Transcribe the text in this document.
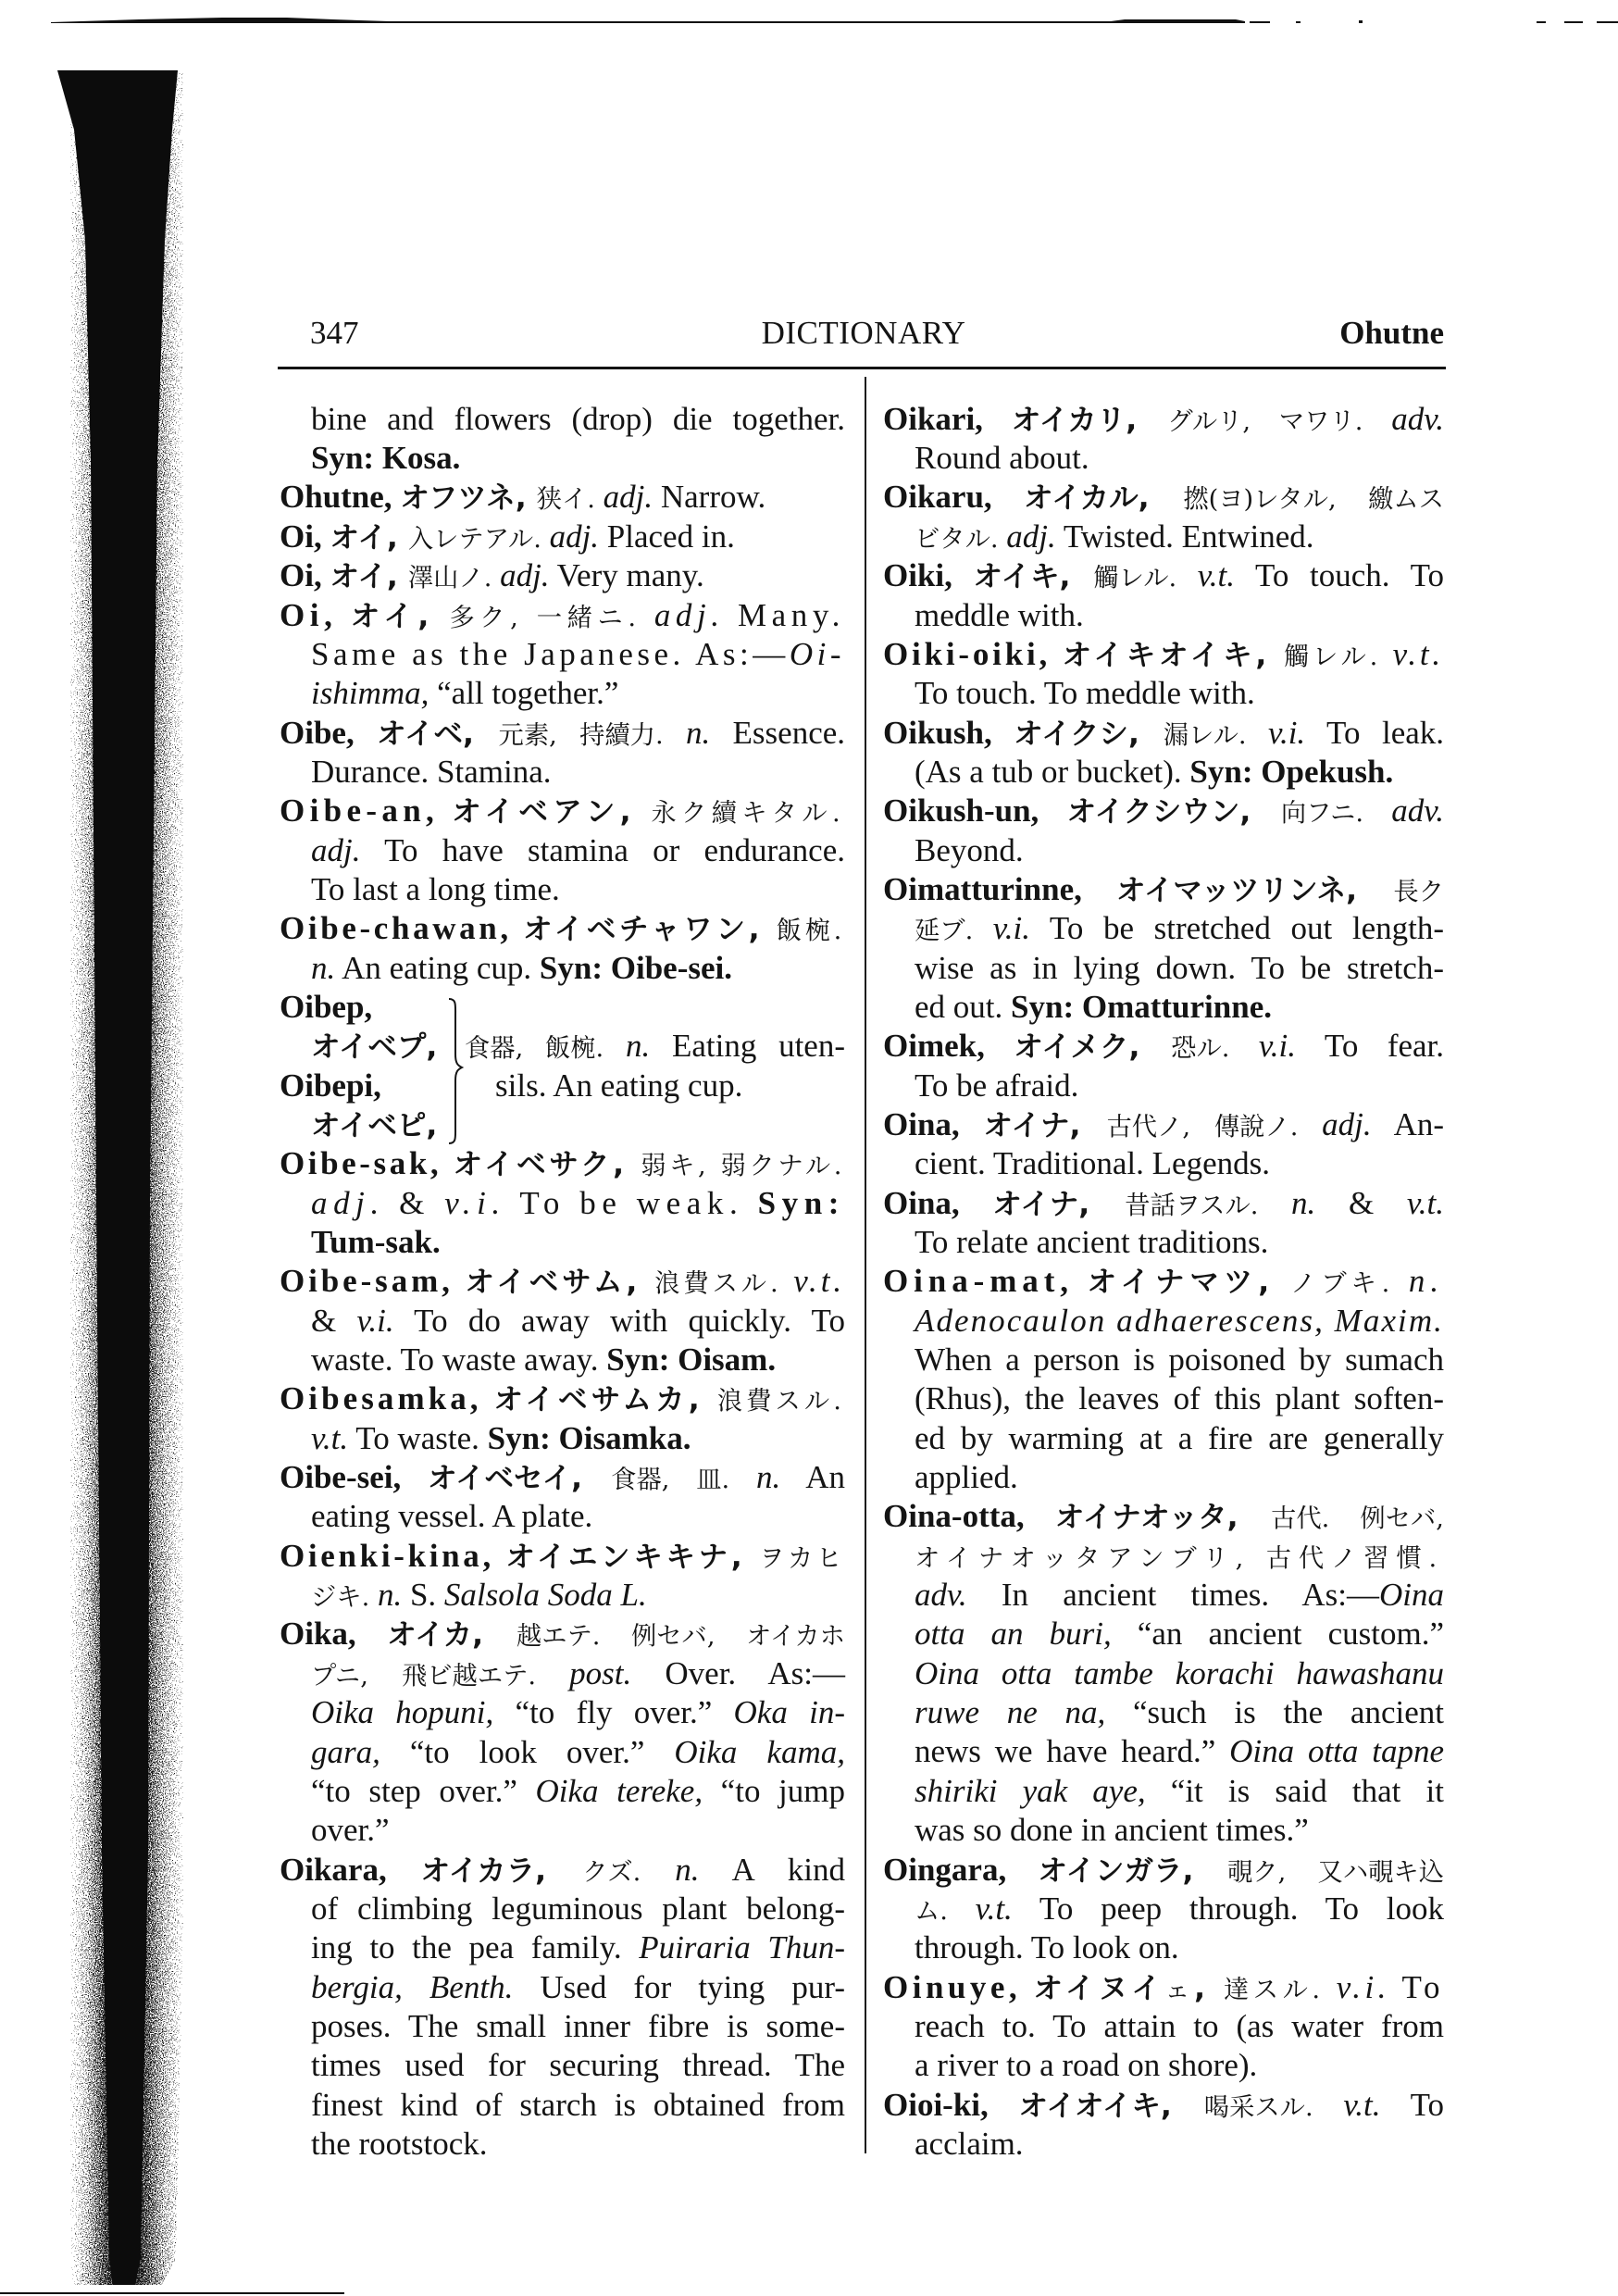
347	DICTIONARY	Ohutne
bine and flowers (drop) die together.
Syn: Kosa.
Ohutne, オフツネ, 狭イ. adj. Narrow.
Oi, オイ, 入レテアル. adj. Placed in.
Oi, オイ, 澤山ノ. adj. Very many.
Oi, オイ, 多ク, 一緒ニ. adj. Many.
Same as the Japanese. As:—Oi-
ishimma, “all together.”
Oibe, オイベ, 元素, 持續力. n. Essence.
Durance. Stamina.
Oibe-an, オイベアン, 永ク續キタル.
adj. To have stamina or endurance.
To last a long time.
Oibe-chawan, オイベチャワン, 飯椀.
n. An eating cup. Syn: Oibe-sei.
Oibep,
オイベプ,
Oibepi,
オイベピ,
食器, 飯椀. n. Eating uten-
sils. An eating cup.
Oibe-sak, オイベサク, 弱キ, 弱クナル.
adj. & v.i. To be weak. Syn:
Tum-sak.
Oibe-sam, オイベサム, 浪費スル. v.t.
& v.i. To do away with quickly. To
waste. To waste away. Syn: Oisam.
Oibesamka, オイベサムカ, 浪費スル.
v.t. To waste. Syn: Oisamka.
Oibe-sei, オイベセイ, 食器, 皿. n. An
eating vessel. A plate.
Oienki-kina, オイエンキキナ, ヲカヒ
ジキ. n. S. Salsola Soda L.
Oika, オイカ, 越エテ. 例セバ, オイカホ
プニ, 飛ビ越エテ. post. Over. As:—
Oika hopuni, “to fly over.” Oka in-
gara, “to look over.” Oika kama,
“to step over.” Oika tereke, “to jump
over.”
Oikara, オイカラ, クズ. n. A kind
of climbing leguminous plant belong-
ing to the pea family. Puiraria Thun-
bergia, Benth. Used for tying pur-
poses. The small inner fibre is some-
times used for securing thread. The
finest kind of starch is obtained from
the rootstock.
Oikari, オイカリ, グルリ, マワリ. adv.
Round about.
Oikaru, オイカル, 撚(ヨ)レタル, 繳ムス
ビタル. adj. Twisted. Entwined.
Oiki, オイキ, 觸レル. v.t. To touch. To
meddle with.
Oiki-oiki, オイキオイキ, 觸レル. v.t.
To touch. To meddle with.
Oikush, オイクシ, 漏レル. v.i. To leak.
(As a tub or bucket). Syn: Opekush.
Oikush-un, オイクシウン, 向フニ. adv.
Beyond.
Oimatturinne, オイマッツリンネ, 長ク
延ブ. v.i. To be stretched out length-
wise as in lying down. To be stretch-
ed out. Syn: Omatturinne.
Oimek, オイメク, 恐ル. v.i. To fear.
To be afraid.
Oina, オイナ, 古代ノ, 傳說ノ. adj. An-
cient. Traditional. Legends.
Oina, オイナ, 昔話ヲスル. n. & v.t.
To relate ancient traditions.
Oina-mat, オイナマツ, ノブキ. n.
Adenocaulon adhaerescens, Maxim.
When a person is poisoned by sumach
(Rhus), the leaves of this plant soften-
ed by warming at a fire are generally
applied.
Oina-otta, オイナオッタ, 古代. 例セバ,
オイナオッタアンブリ, 古代ノ習慣.
adv. In ancient times. As:—Oina
otta an buri, “an ancient custom.”
Oina otta tambe korachi hawashanu
ruwe ne na, “such is the ancient
news we have heard.” Oina otta tapne
shiriki yak aye, “it is said that it
was so done in ancient times.”
Oingara, オインガラ, 覗ク, 又ハ覗キ込
ム. v.t. To peep through. To look
through. To look on.
Oinuye, オイヌイェ, 達スル. v.i. To
reach to. To attain to (as water from
a river to a road on shore).
Oioi-ki, オイオイキ, 喝采スル. v.t. To
acclaim.
